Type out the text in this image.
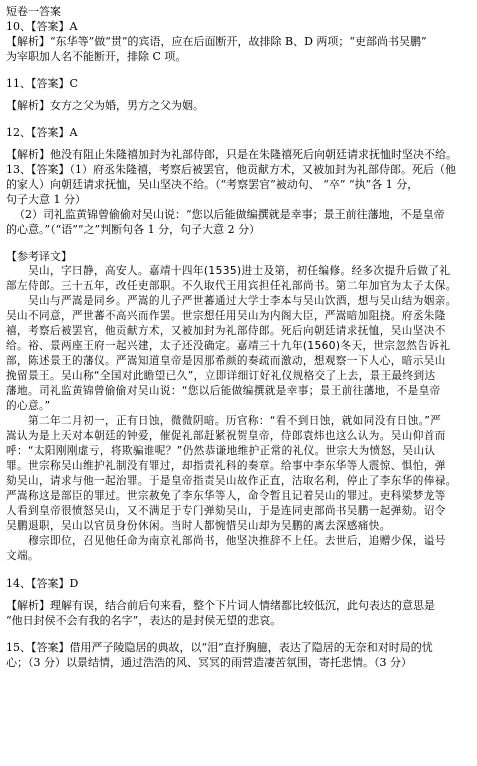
短卷一答案
10、【答案】A
【解析】“东华等”做“贯”的宾语，应在后面断开，故排除 B、D 两项；“吏部尚书吴鹏”
为宰职加人名不能断开，排除 C 项。
11、【答案】C
【解析】女方之父为婚，男方之父为姻。
12、【答案】A
【解析】他没有阻止朱隆禧加封为礼部侍郎，只是在朱隆禧死后向朝廷请求抚恤时坚决不给。
13、【答案】（1）府丞朱隆禧，考察后被罢官，他贡献方术，又被加封为礼部侍郎。死后（他
的家人）向朝廷请求抚恤，吴山坚决不给。（“考察罢官”被动句、 “卒” “执”各 1 分，
句子大意 1 分）
（2）司礼监黄锦曾偷偷对吴山说：“您以后能做编撰就是幸事；景王前往藩地，不是皇帝
的心意。”（“语”“之”判断句各 1 分，句子大意 2 分）
【参考译文】
吴山，字曰静，高安人。嘉靖十四年(1535)进士及第，初任编修。经多次提升后做了礼
部左侍郎。三十五年，改任吏部职。不久取代王用宾担任礼部尚书。第二年加官为太子太保。
吴山与严嵩是同乡。严嵩的儿子严世蕃通过大学士李本与吴山饮酒，想与吴山结为姻亲。
吴山不同意，严世蕃不高兴而作罢。世宗想任用吴山为内阁大臣，严嵩暗加阻挠。府丞朱隆
禧，考察后被罢官，他贡献方术，又被加封为礼部侍郎。死后向朝廷请求抚恤，吴山坚决不
给。裕、景两座王府一起兴建，太子还没确定。嘉靖三十九年(1560)冬天，世宗忽然告诉礼
部，陈述景王的藩仪。严嵩知道皇帝是因那希颜的奏疏而激动，想观察一下人心，暗示吴山
挽留景王。吴山称“全国对此瞻望已久”，立即详细订好礼仪规格交了上去，景王最终到达
藩地。司礼监黄锦曾偷偷对吴山说：“您以后能做编撰就是幸事；景王前往藩地，不是皇帝
的心意。”
第二年二月初一，正有日蚀，微微阴暗。历官称：“看不到日蚀，就如同没有日蚀。”严
嵩认为是上天对本朝廷的钟爱，催促礼部赶紧祝贺皇帝，侍郎袁炜也这么认为。吴山仰首而
呼：“太阳刚刚虚亏，将欺骗谁呢？”仍然恭谦地维护正常的礼仪。世宗大为愤怒，吴山认
罪。世宗称吴山维护礼制没有罪过，却指责礼科的奏章。给事中李东华等人震惊、惧怕，弹
劾吴山，请求与他一起治罪。于是皇帝指责吴山故作正直，沽取名利，停止了李东华的俸禄。
严嵩称这是部臣的罪过。世宗赦免了李东华等人，命令暂且记着吴山的罪过。吏科梁梦龙等
人看到皇帝很愤怒吴山，又不满足于专门弹劾吴山，于是连同吏部尚书吴鹏一起弹劾。诏令
吴鹏退职，吴山以官员身份休闲。当时人都惋惜吴山却为吴鹏的离去深感痛快。
穆宗即位，召见他任命为南京礼部尚书，他坚决推辞不上任。去世后，追赠少保，谥号
文端。
14、【答案】D
【解析】理解有误，结合前后句来看，整个下片词人情绪都比较低沉，此句表达的意思是
“他日封侯不会有我的名字”，表达的是封侯无望的悲哀。
15、【答案】借用严子陵隐居的典故，以“泪”直抒胸臆，表达了隐居的无奈和对时局的忧
心；（3 分）以景结情，通过浩浩的风、冥冥的雨营造凄苦氛围，寄托悲情。（3 分）
